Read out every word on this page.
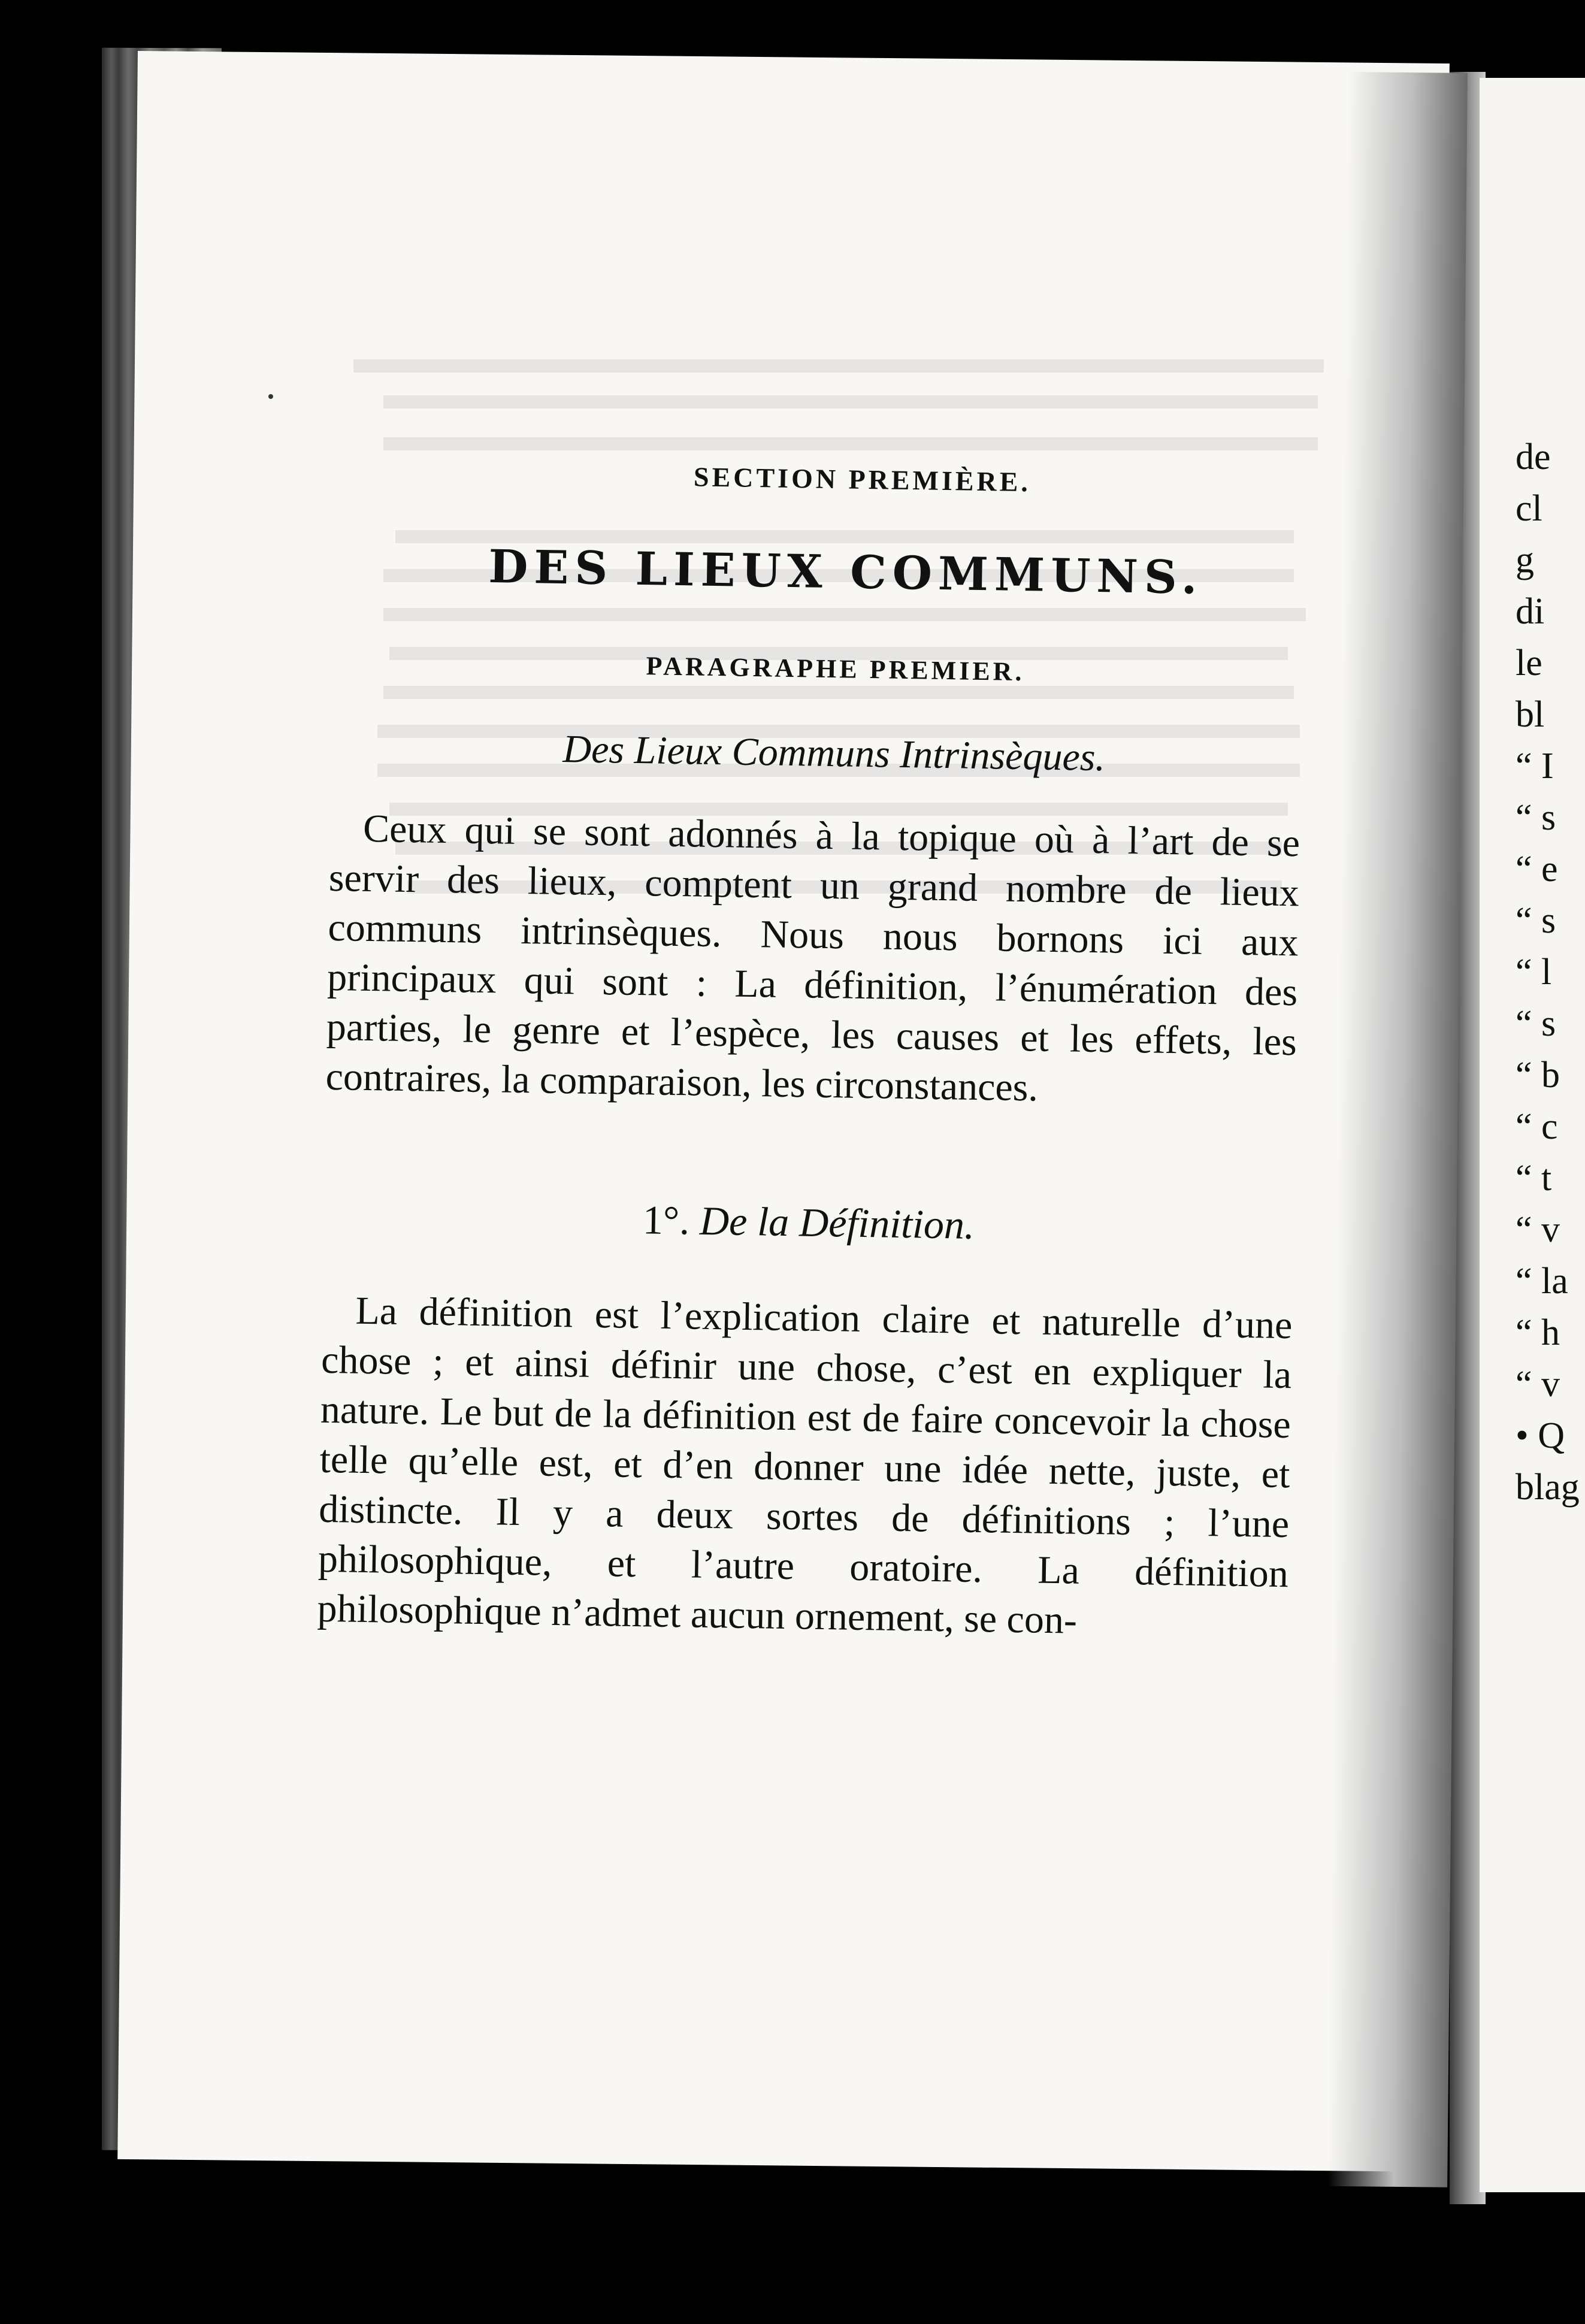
SECTION PREMIÈRE.

DES LIEUX COMMUNS.

PARAGRAPHE PREMIER.

Des Lieux Communs Intrinsèques.

Ceux qui se sont adonnés à la topique où à l’art de se servir des lieux, comptent un grand nombre de lieux communs intrinsèques. Nous nous bornons ici aux principaux qui sont : La définition, l’énumération des parties, le genre et l’espèce, les causes et les effets, les contraires, la comparaison, les circonstances.

1°. De la Définition.

La définition est l’explication claire et naturelle d’une chose ; et ainsi définir une chose, c’est en expliquer la nature. Le but de la définition est de faire concevoir la chose telle qu’elle est, et d’en donner une idée nette, juste, et distincte. Il y a deux sortes de définitions ; l’une philosophique, et l’autre oratoire. La définition philosophique n’admet aucun ornement, se con-

de
cl
g
di
le
bl
“ I
“ s
“ e
“ s
“ l
“ s
“ b
“ c
“ t
“ v
“ la
“ h
“ v
• Q
blag
